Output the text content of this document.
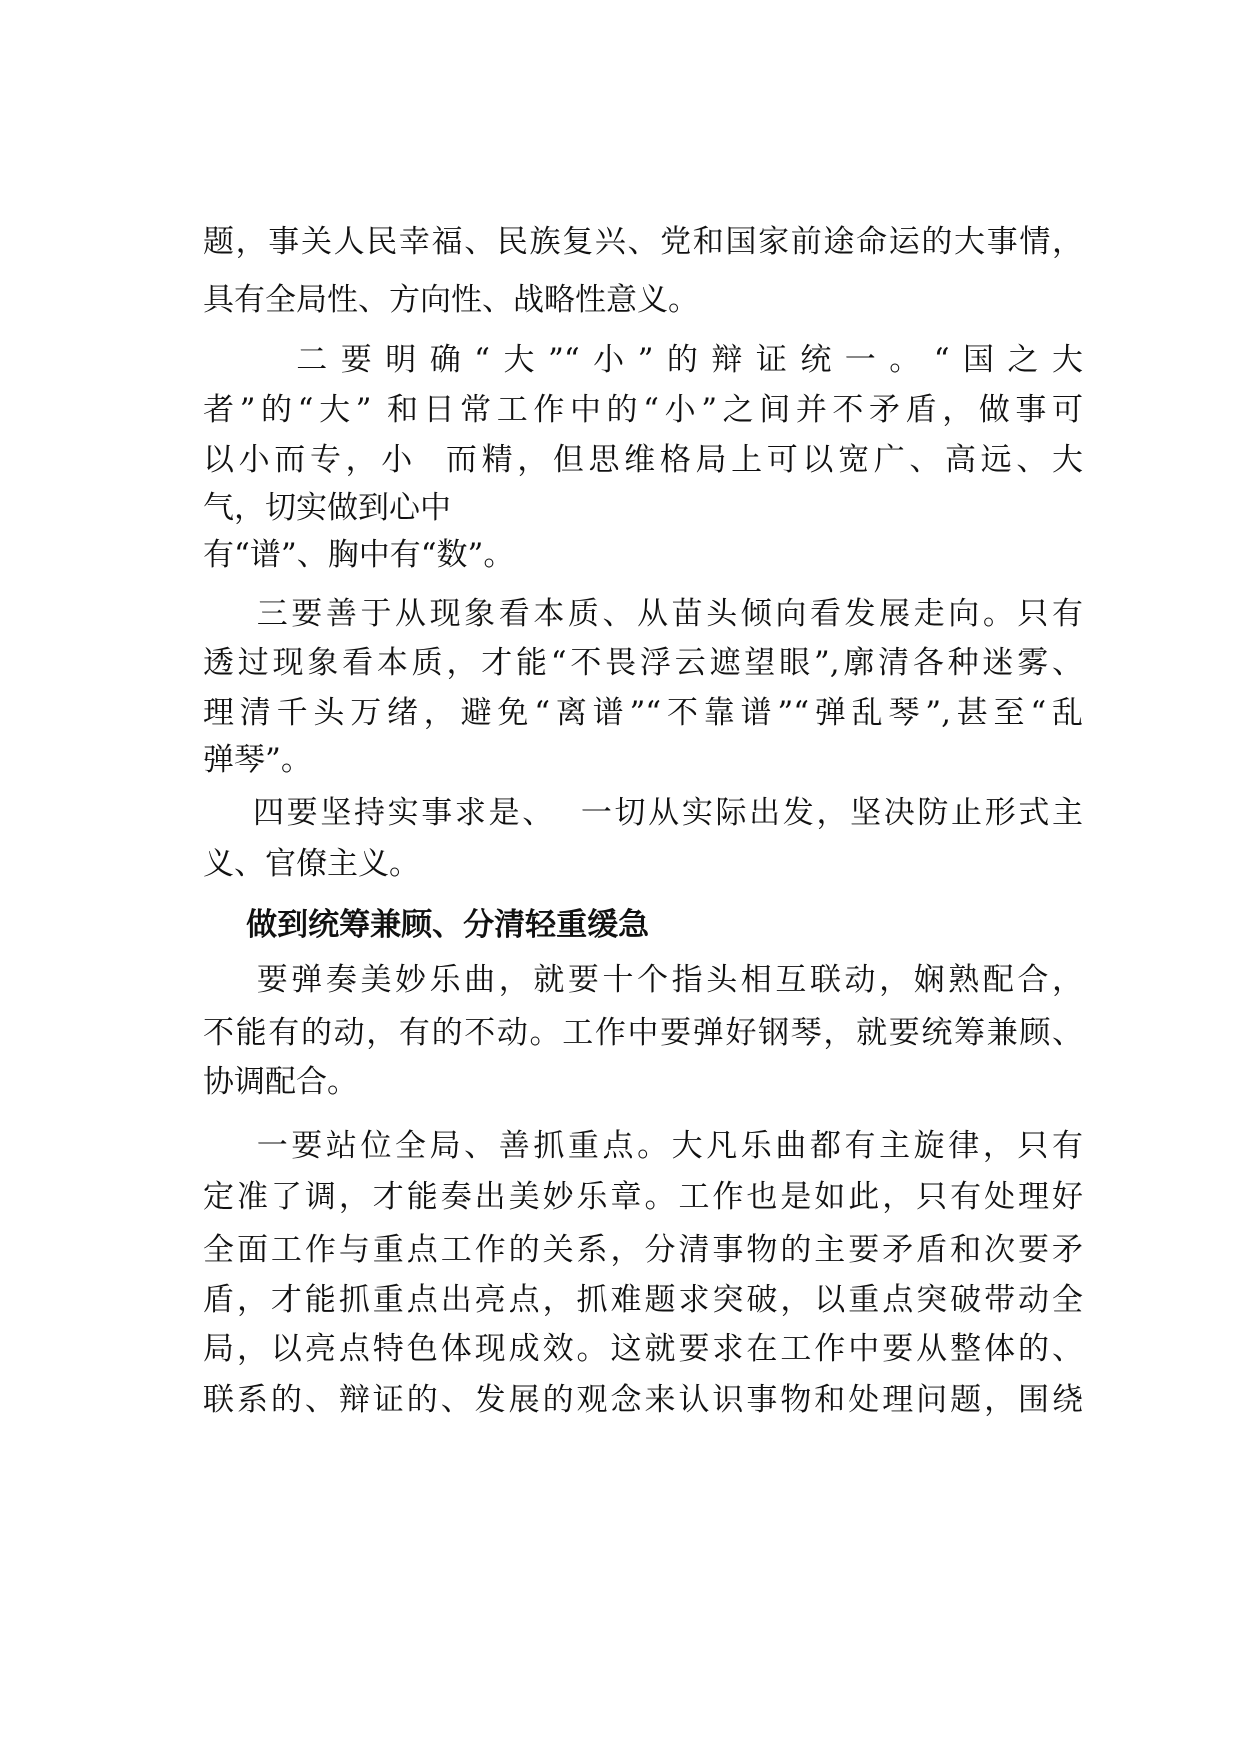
题，事关人民幸福、民族复兴、党和国家前途命运的大事情，
具有全局性、方向性、战略性意义。
二要明确“大”“小”的辩证统一。“国之大
者”的“大” 和日常工作中的“小”之间并不矛盾，做事可
以小而专，小  而精，但思维格局上可以宽广、高远、大
气，切实做到心中
有“谱”、胸中有“数”。
三要善于从现象看本质、从苗头倾向看发展走向。只有
透过现象看本质，才能“不畏浮云遮望眼”,廓清各种迷雾、
理清千头万绪，避免“离谱”“不靠谱”“弹乱琴”,甚至“乱
弹琴”。
四要坚持实事求是、  一切从实际出发，坚决防止形式主
义、官僚主义。
做到统筹兼顾、分清轻重缓急
要弹奏美妙乐曲，就要十个指头相互联动，娴熟配合，
不能有的动，有的不动。工作中要弹好钢琴，就要统筹兼顾、
协调配合。
一要站位全局、善抓重点。大凡乐曲都有主旋律，只有
定准了调，才能奏出美妙乐章。工作也是如此，只有处理好
全面工作与重点工作的关系，分清事物的主要矛盾和次要矛
盾，才能抓重点出亮点，抓难题求突破，以重点突破带动全
局，以亮点特色体现成效。这就要求在工作中要从整体的、
联系的、辩证的、发展的观念来认识事物和处理问题，围绕
